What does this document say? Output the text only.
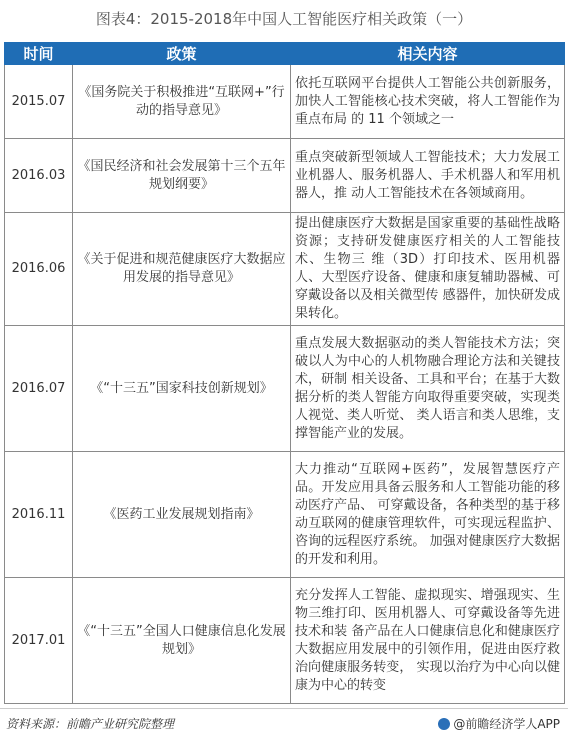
图表4：2015-2018年中国人工智能医疗相关政策（一）
时间	政策	相关内容
2015.07	《国务院关于积极推进“互联网+”行动的指导意见》	依托互联网平台提供人工智能公共创新服务，加快人工智能核心技术突破，将人工智能作为重点布局 的 11 个领域之一
2016.03	《国民经济和社会发展第十三个五年规划纲要》	重点突破新型领域人工智能技术；大力发展工业机器人、服务机器人、手术机器人和军用机器人，推 动人工智能技术在各领域商用。
2016.06	《关于促进和规范健康医疗大数据应用发展的指导意见》	提出健康医疗大数据是国家重要的基础性战略资源；支持研发健康医疗相关的人工智能技术、生物三 维（3D）打印技术、医用机器人、大型医疗设备、健康和康复辅助器械、可穿戴设备以及相关微型传 感器件，加快研发成果转化。
2016.07	《“十三五”国家科技创新规划》	重点发展大数据驱动的类人智能技术方法；突破以人为中心的人机物融合理论方法和关键技术，研制 相关设备、工具和平台；在基于大数据分析的类人智能方向取得重要突破，实现类人视觉、类人听觉、 类人语言和类人思维，支撑智能产业的发展。
2016.11	《医药工业发展规划指南》	大力推动“互联网+医药”，发展智慧医疗产品。开发应用具备云服务和人工智能功能的移动医疗产品、 可穿戴设备，各种类型的基于移动互联网的健康管理软件，可实现远程监护、咨询的远程医疗系统。 加强对健康医疗大数据的开发和利用。
2017.01	《“十三五”全国人口健康信息化发展规划》	充分发挥人工智能、虚拟现实、增强现实、生物三维打印、医用机器人、可穿戴设备等先进技术和装 备产品在人口健康信息化和健康医疗大数据应用发展中的引领作用，促进由医疗救治向健康服务转变， 实现以治疗为中心向以健康为中心的转变
资料来源：前瞻产业研究院整理	@前瞻经济学人APP
